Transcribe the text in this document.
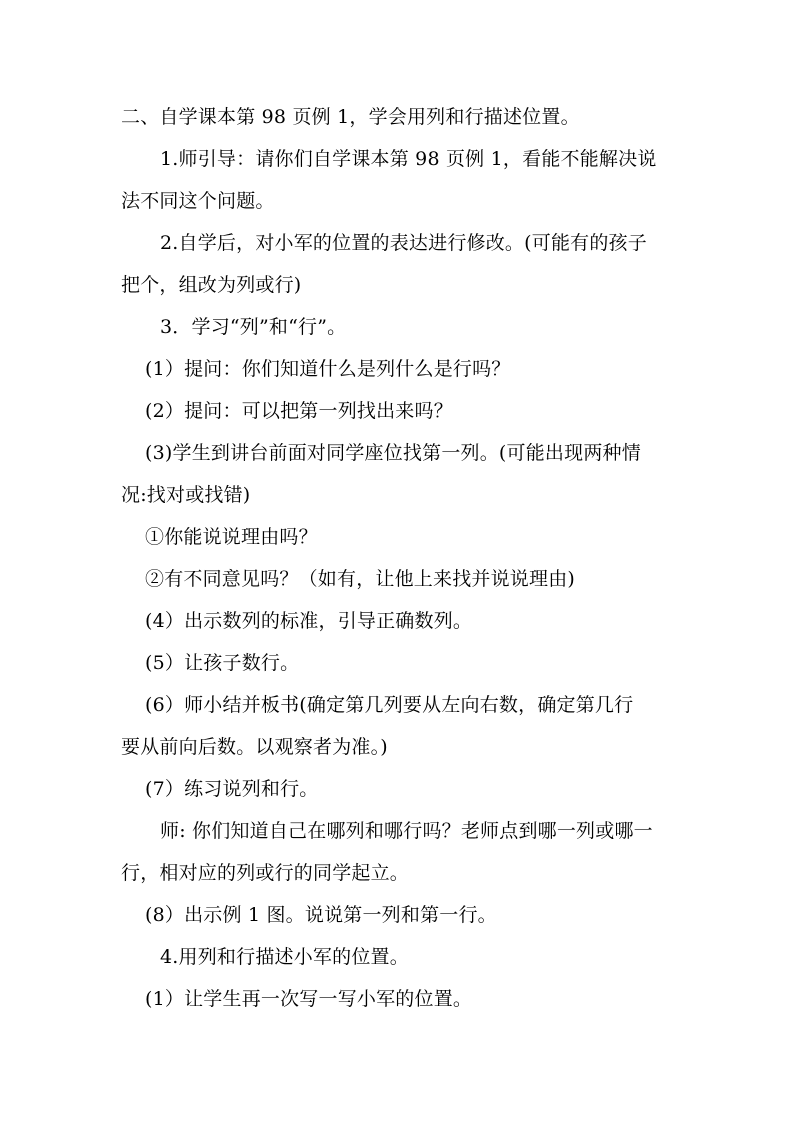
二、自学课本第 98 页例 1，学会用列和行描述位置。
1.师引导：请你们自学课本第 98 页例 1，看能不能解决说
法不同这个问题。
2.自学后，对小军的位置的表达进行修改。(可能有的孩子
把个，组改为列或行)
3．学习“列”和“行”。
(1）提问：你们知道什么是列什么是行吗？
(2）提问：可以把第一列找出来吗？
(3)学生到讲台前面对同学座位找第一列。(可能出现两种情
况:找对或找错)
①你能说说理由吗？
②有不同意见吗？（如有，让他上来找并说说理由)
(4）出示数列的标准，引导正确数列。
(5）让孩子数行。
(6）师小结并板书(确定第几列要从左向右数，确定第几行
要从前向后数。以观察者为准。)
(7）练习说列和行。
师: 你们知道自己在哪列和哪行吗？老师点到哪一列或哪一
行，相对应的列或行的同学起立。
(8）出示例 1 图。说说第一列和第一行。
4.用列和行描述小军的位置。
(1）让学生再一次写一写小军的位置。
